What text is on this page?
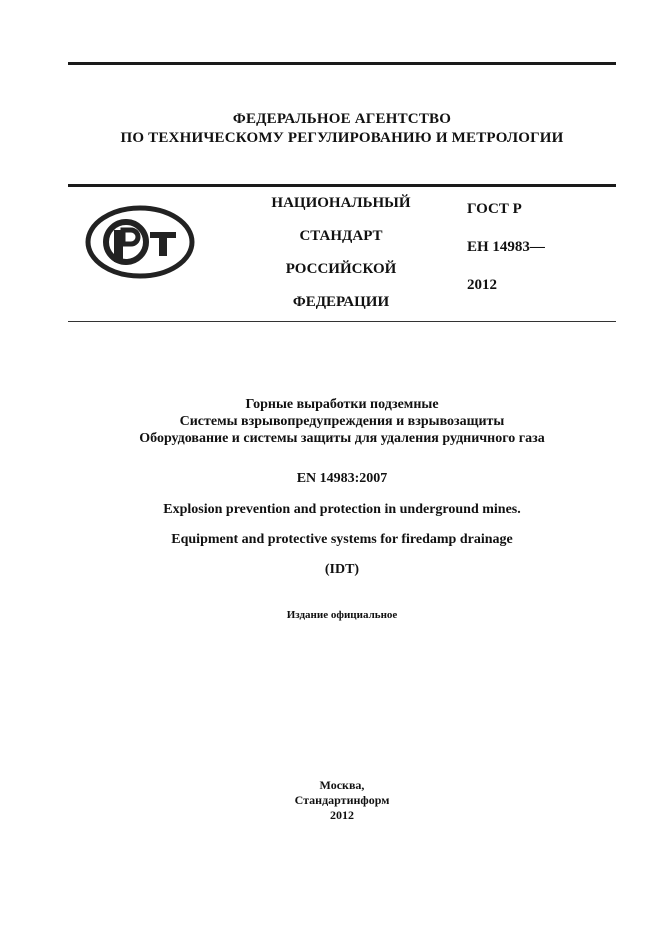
ФЕДЕРАЛЬНОЕ АГЕНТСТВО
ПО ТЕХНИЧЕСКОМУ РЕГУЛИРОВАНИЮ И МЕТРОЛОГИИ
НАЦИОНАЛЬНЫЙ
СТАНДАРТ
РОССИЙСКОЙ
ФЕДЕРАЦИИ
ГОСТ Р
ЕН 14983—
2012
Горные выработки подземные
Системы взрывопредупреждения и взрывозащиты
Оборудование и системы защиты для удаления рудничного газа
EN 14983:2007
Explosion prevention and protection in underground mines.
Equipment and protective systems for firedamp drainage
(IDT)
Издание официальное
Москва,
Стандартинформ
2012
